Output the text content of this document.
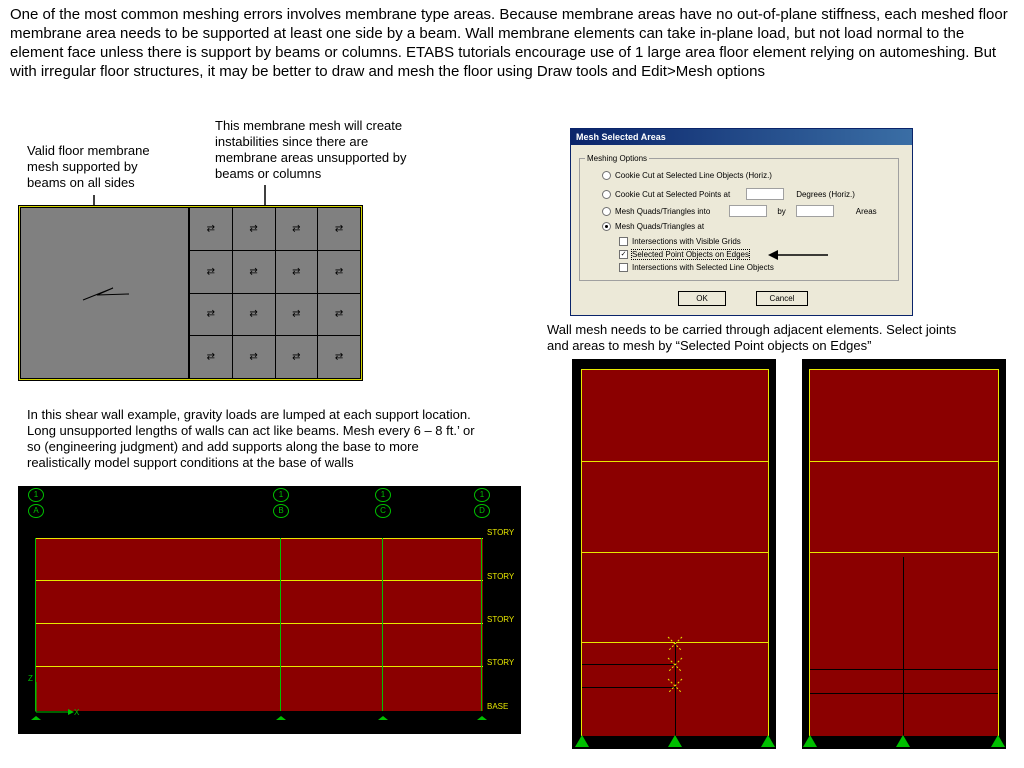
One of the most common meshing errors involves membrane type areas. Because membrane areas have no out-of-plane stiffness, each meshed floor membrane area needs to be supported at least one side by a beam. Wall membrane elements can take in-plane load, but not load normal to the element face unless there is support by beams or columns. ETABS tutorials encourage use of 1 large area floor element relying on automeshing. But with irregular floor structures, it may be better to draw and mesh the floor using Draw tools and Edit>Mesh options
Valid floor membrane mesh supported by beams on all sides
This membrane mesh will create instabilities since there are membrane areas unsupported by beams or columns
In this shear wall example, gravity loads are lumped at each support location. Long unsupported lengths of walls can act like beams. Mesh every 6 – 8 ft.’ or so (engineering judgment) and add supports along the base to more realistically model support conditions at the base of walls
Wall mesh needs to be carried through adjacent elements. Select joints and areas to mesh by “Selected Point objects on Edges”
⇄
⇄
⇄
⇄
⇄
⇄
⇄
⇄
⇄
⇄
⇄
⇄
⇄
⇄
⇄
⇄
Mesh Selected Areas
Meshing Options
Cookie Cut at Selected Line Objects (Horiz.)
Cookie Cut at Selected Points at	Degrees (Horiz.)
Mesh Quads/Triangles into	by	Areas
Mesh Quads/Triangles at
Intersections with Visible Grids
✓ Selected Point Objects on Edges
Intersections with Selected Line Objects
OK	Cancel
1
A
1
B
1
C
1
D
STORY
STORY
STORY
STORY
BASE
Z
X
